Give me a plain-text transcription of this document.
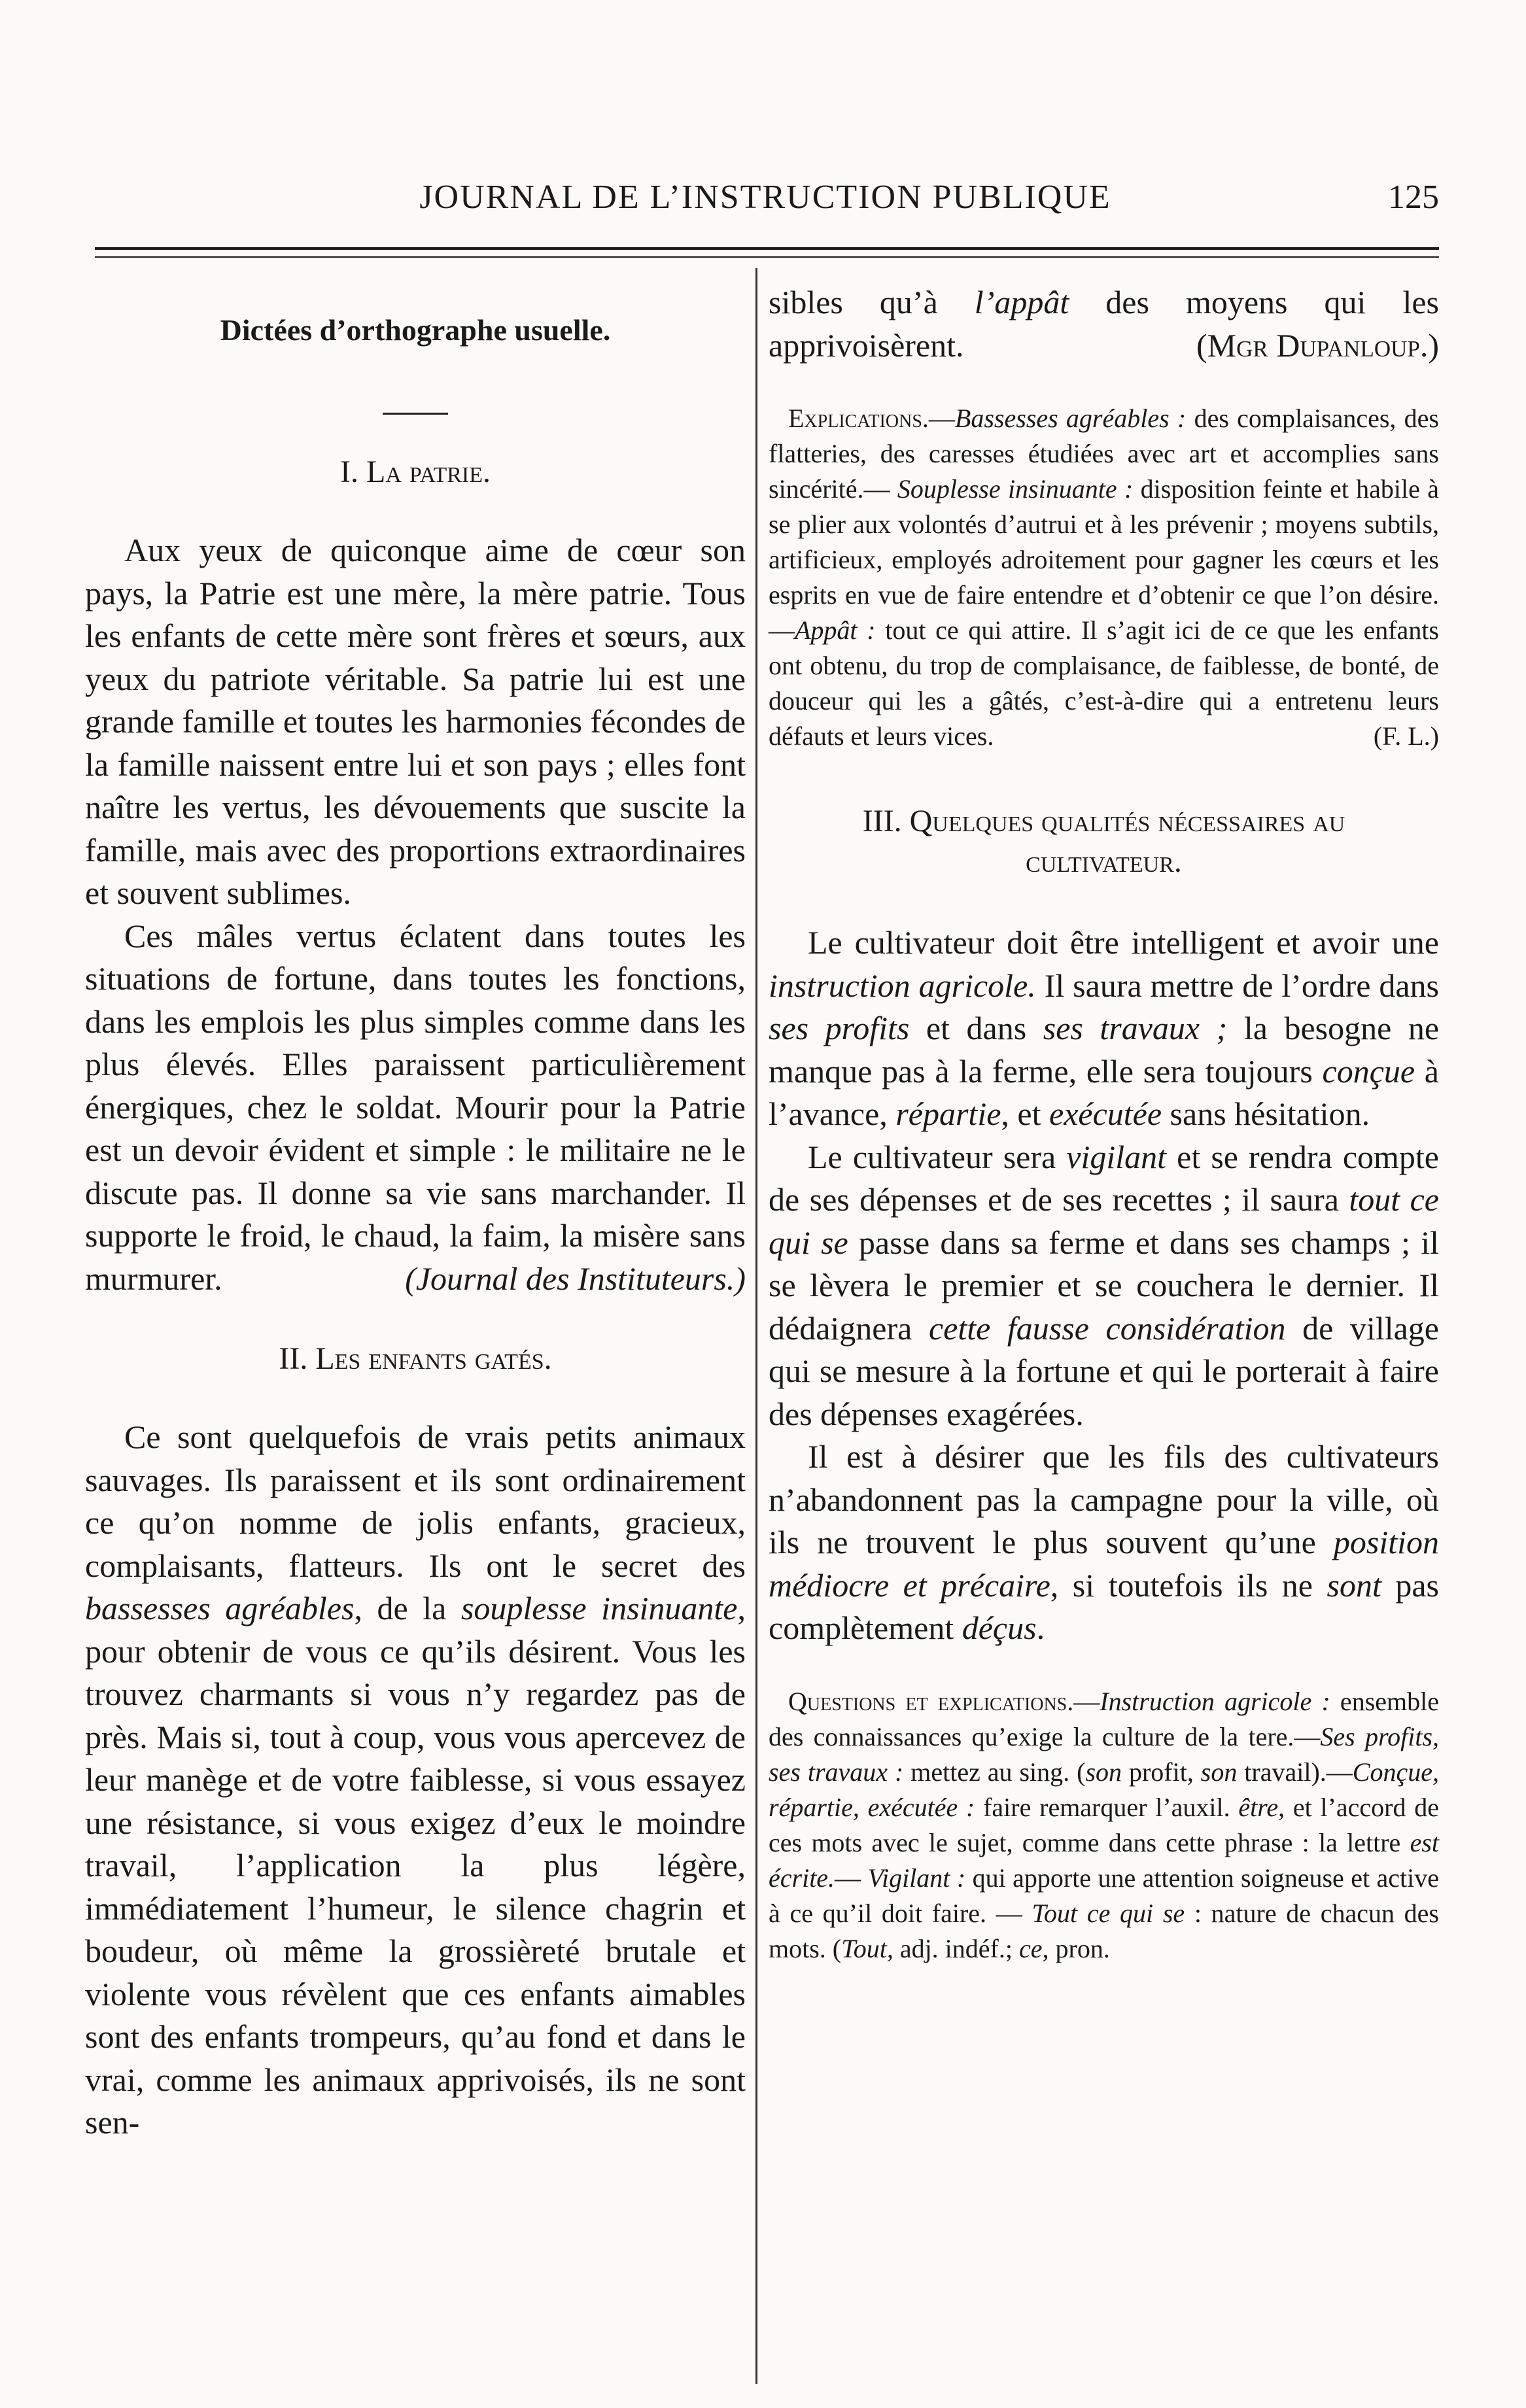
JOURNAL DE L’INSTRUCTION PUBLIQUE	125
Dictées d’orthographe usuelle.
I. La patrie.

Aux yeux de quiconque aime de cœur son pays, la Patrie est une mère, la mère patrie. Tous les enfants de cette mère sont frères et sœurs, aux yeux du patriote véritable. Sa patrie lui est une grande famille et toutes les harmonies fécondes de la famille naissent entre lui et son pays ; elles font naître les vertus, les dévouements que suscite la famille, mais avec des proportions extraordinaires et souvent sublimes.

Ces mâles vertus éclatent dans toutes les situations de fortune, dans toutes les fonctions, dans les emplois les plus simples comme dans les plus élevés. Elles paraissent particulièrement énergiques, chez le soldat. Mourir pour la Patrie est un devoir évident et simple : le militaire ne le discute pas. Il donne sa vie sans marchander. Il supporte le froid, le chaud, la faim, la misère sans murmurer.	(Journal des Instituteurs.)

II. Les enfants gatés.

Ce sont quelquefois de vrais petits animaux sauvages. Ils paraissent et ils sont ordinairement ce qu’on nomme de jolis enfants, gracieux, complaisants, flatteurs. Ils ont le secret des bassesses agréables, de la souplesse insinuante, pour obtenir de vous ce qu’ils désirent. Vous les trouvez charmants si vous n’y regardez pas de près. Mais si, tout à coup, vous vous apercevez de leur manège et de votre faiblesse, si vous essayez une résistance, si vous exigez d’eux le moindre travail, l’application la plus légère, immédiatement l’humeur, le silence chagrin et boudeur, où même la grossièreté brutale et violente vous révèlent que ces enfants aimables sont des enfants trompeurs, qu’au fond et dans le vrai, comme les animaux apprivoisés, ils ne sont sen-

sibles qu’à l’appât des moyens qui les apprivoisèrent.	(Mgr Dupanloup.)

Explications.—Bassesses agréables : des complaisances, des flatteries, des caresses étudiées avec art et accomplies sans sincérité.— Souplesse insinuante : disposition feinte et habile à se plier aux volontés d’autrui et à les prévenir ; moyens subtils, artificieux, employés adroitement pour gagner les cœurs et les esprits en vue de faire entendre et d’obtenir ce que l’on désire.—Appât : tout ce qui attire. Il s’agit ici de ce que les enfants ont obtenu, du trop de complaisance, de faiblesse, de bonté, de douceur qui les a gâtés, c’est-à-dire qui a entretenu leurs défauts et leurs vices.	(F. L.)

III. Quelques qualités nécessaires au
cultivateur.

Le cultivateur doit être intelligent et avoir une instruction agricole. Il saura mettre de l’ordre dans ses profits et dans ses travaux ; la besogne ne manque pas à la ferme, elle sera toujours conçue à l’avance, répartie, et exécutée sans hésitation.

Le cultivateur sera vigilant et se rendra compte de ses dépenses et de ses recettes ; il saura tout ce qui se passe dans sa ferme et dans ses champs ; il se lèvera le premier et se couchera le dernier. Il dédaignera cette fausse considération de village qui se mesure à la fortune et qui le porterait à faire des dépenses exagérées.

Il est à désirer que les fils des cultivateurs n’abandonnent pas la campagne pour la ville, où ils ne trouvent le plus souvent qu’une position médiocre et précaire, si toutefois ils ne sont pas complètement déçus.

Questions et explications.—Instruction agricole : ensemble des connaissances qu’exige la culture de la tere.—Ses profits, ses travaux : mettez au sing. (son profit, son travail).—Conçue, répartie, exécutée : faire remarquer l’auxil. être, et l’accord de ces mots avec le sujet, comme dans cette phrase : la lettre est écrite.— Vigilant : qui apporte une attention soigneuse et active à ce qu’il doit faire. — Tout ce qui se : nature de chacun des mots. (Tout, adj. indéf.; ce, pron.
